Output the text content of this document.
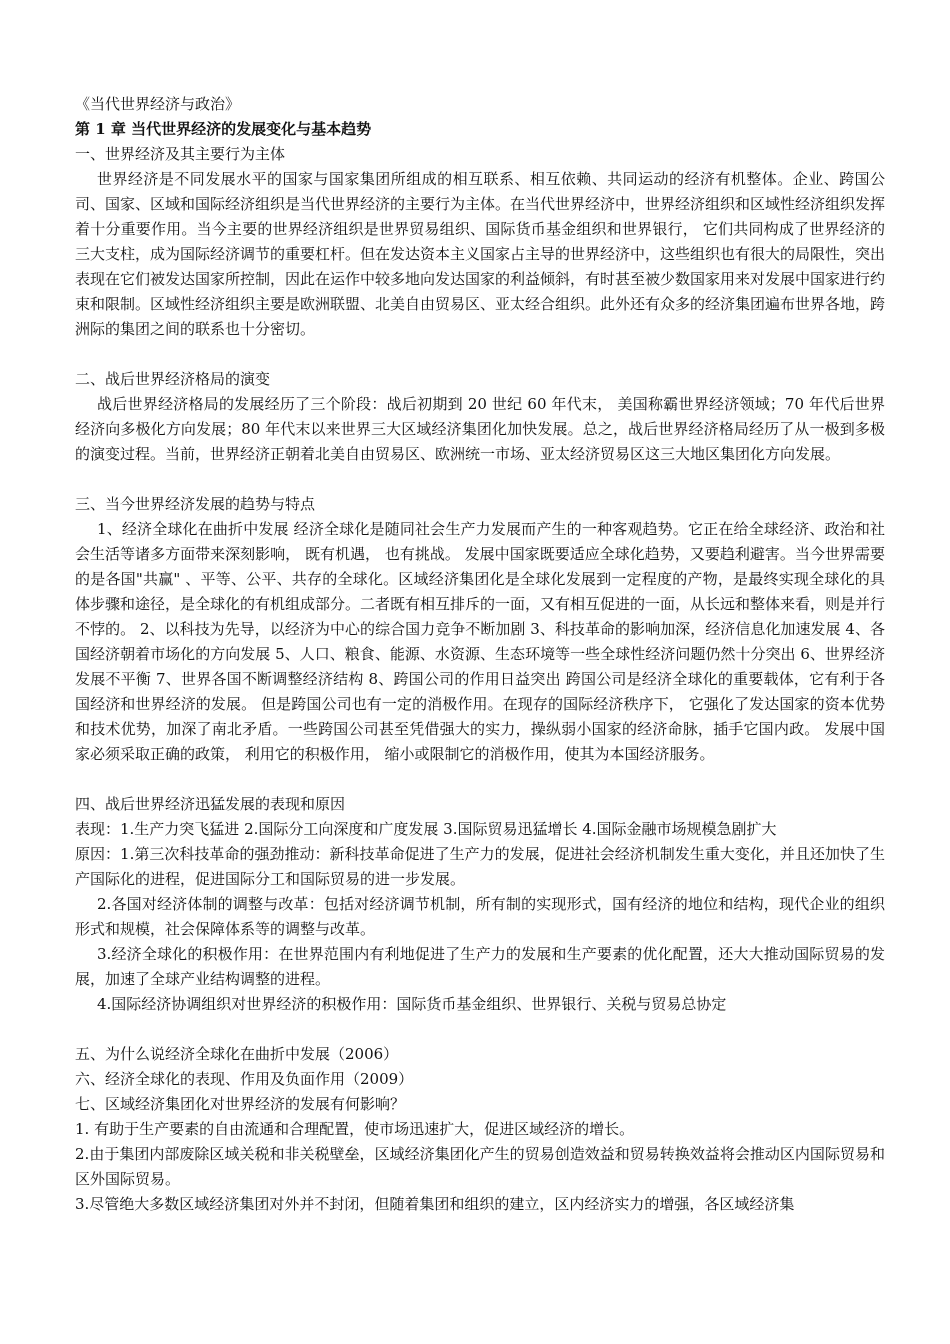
《当代世界经济与政治》
第 1 章 当代世界经济的发展变化与基本趋势
一、世界经济及其主要行为主体
世界经济是不同发展水平的国家与国家集团所组成的相互联系、相互依赖、共同运动的经济有机整体。企业、跨国公司、国家、区域和国际经济组织是当代世界经济的主要行为主体。在当代世界经济中，世界经济组织和区域性经济组织发挥着十分重要作用。当今主要的世界经济组织是世界贸易组织、国际货币基金组织和世界银行， 它们共同构成了世界经济的三大支柱，成为国际经济调节的重要杠杆。但在发达资本主义国家占主导的世界经济中，这些组织也有很大的局限性，突出表现在它们被发达国家所控制，因此在运作中较多地向发达国家的利益倾斜，有时甚至被少数国家用来对发展中国家进行约束和限制。区域性经济组织主要是欧洲联盟、北美自由贸易区、亚太经合组织。此外还有众多的经济集团遍布世界各地，跨洲际的集团之间的联系也十分密切。
二、战后世界经济格局的演变
战后世界经济格局的发展经历了三个阶段：战后初期到 20 世纪 60 年代末， 美国称霸世界经济领域；70 年代后世界经济向多极化方向发展；80 年代末以来世界三大区域经济集团化加快发展。总之，战后世界经济格局经历了从一极到多极的演变过程。当前，世界经济正朝着北美自由贸易区、欧洲统一市场、亚太经济贸易区这三大地区集团化方向发展。
三、当今世界经济发展的趋势与特点
1、经济全球化在曲折中发展 经济全球化是随同社会生产力发展而产生的一种客观趋势。它正在给全球经济、政治和社会生活等诸多方面带来深刻影响， 既有机遇， 也有挑战。 发展中国家既要适应全球化趋势，又要趋利避害。当今世界需要的是各国"共赢" 、平等、公平、共存的全球化。区域经济集团化是全球化发展到一定程度的产物，是最终实现全球化的具体步骤和途径，是全球化的有机组成部分。二者既有相互排斥的一面，又有相互促进的一面，从长远和整体来看，则是并行不悖的。 2、以科技为先导，以经济为中心的综合国力竞争不断加剧 3、科技革命的影响加深，经济信息化加速发展 4、各国经济朝着市场化的方向发展 5、人口、粮食、能源、水资源、生态环境等一些全球性经济问题仍然十分突出 6、世界经济发展不平衡 7、世界各国不断调整经济结构 8、跨国公司的作用日益突出 跨国公司是经济全球化的重要载体，它有利于各国经济和世界经济的发展。 但是跨国公司也有一定的消极作用。在现存的国际经济秩序下， 它强化了发达国家的资本优势和技术优势，加深了南北矛盾。一些跨国公司甚至凭借强大的实力，操纵弱小国家的经济命脉，插手它国内政。 发展中国家必须采取正确的政策， 利用它的积极作用， 缩小或限制它的消极作用，使其为本国经济服务。
四、战后世界经济迅猛发展的表现和原因
表现：1.生产力突飞猛进 2.国际分工向深度和广度发展 3.国际贸易迅猛增长 4.国际金融市场规模急剧扩大
原因：1.第三次科技革命的强劲推动：新科技革命促进了生产力的发展，促进社会经济机制发生重大变化，并且还加快了生产国际化的进程，促进国际分工和国际贸易的进一步发展。
2.各国对经济体制的调整与改革：包括对经济调节机制，所有制的实现形式，国有经济的地位和结构，现代企业的组织形式和规模，社会保障体系等的调整与改革。
3.经济全球化的积极作用：在世界范围内有利地促进了生产力的发展和生产要素的优化配置，还大大推动国际贸易的发展，加速了全球产业结构调整的进程。
4.国际经济协调组织对世界经济的积极作用：国际货币基金组织、世界银行、关税与贸易总协定
五、为什么说经济全球化在曲折中发展（2006）
六、经济全球化的表现、作用及负面作用（2009）
七、区域经济集团化对世界经济的发展有何影响？
1. 有助于生产要素的自由流通和合理配置，使市场迅速扩大，促进区域经济的增长。
2.由于集团内部废除区域关税和非关税壁垒，区域经济集团化产生的贸易创造效益和贸易转换效益将会推动区内国际贸易和区外国际贸易。
3.尽管绝大多数区域经济集团对外并不封闭，但随着集团和组织的建立，区内经济实力的增强，各区域经济集
